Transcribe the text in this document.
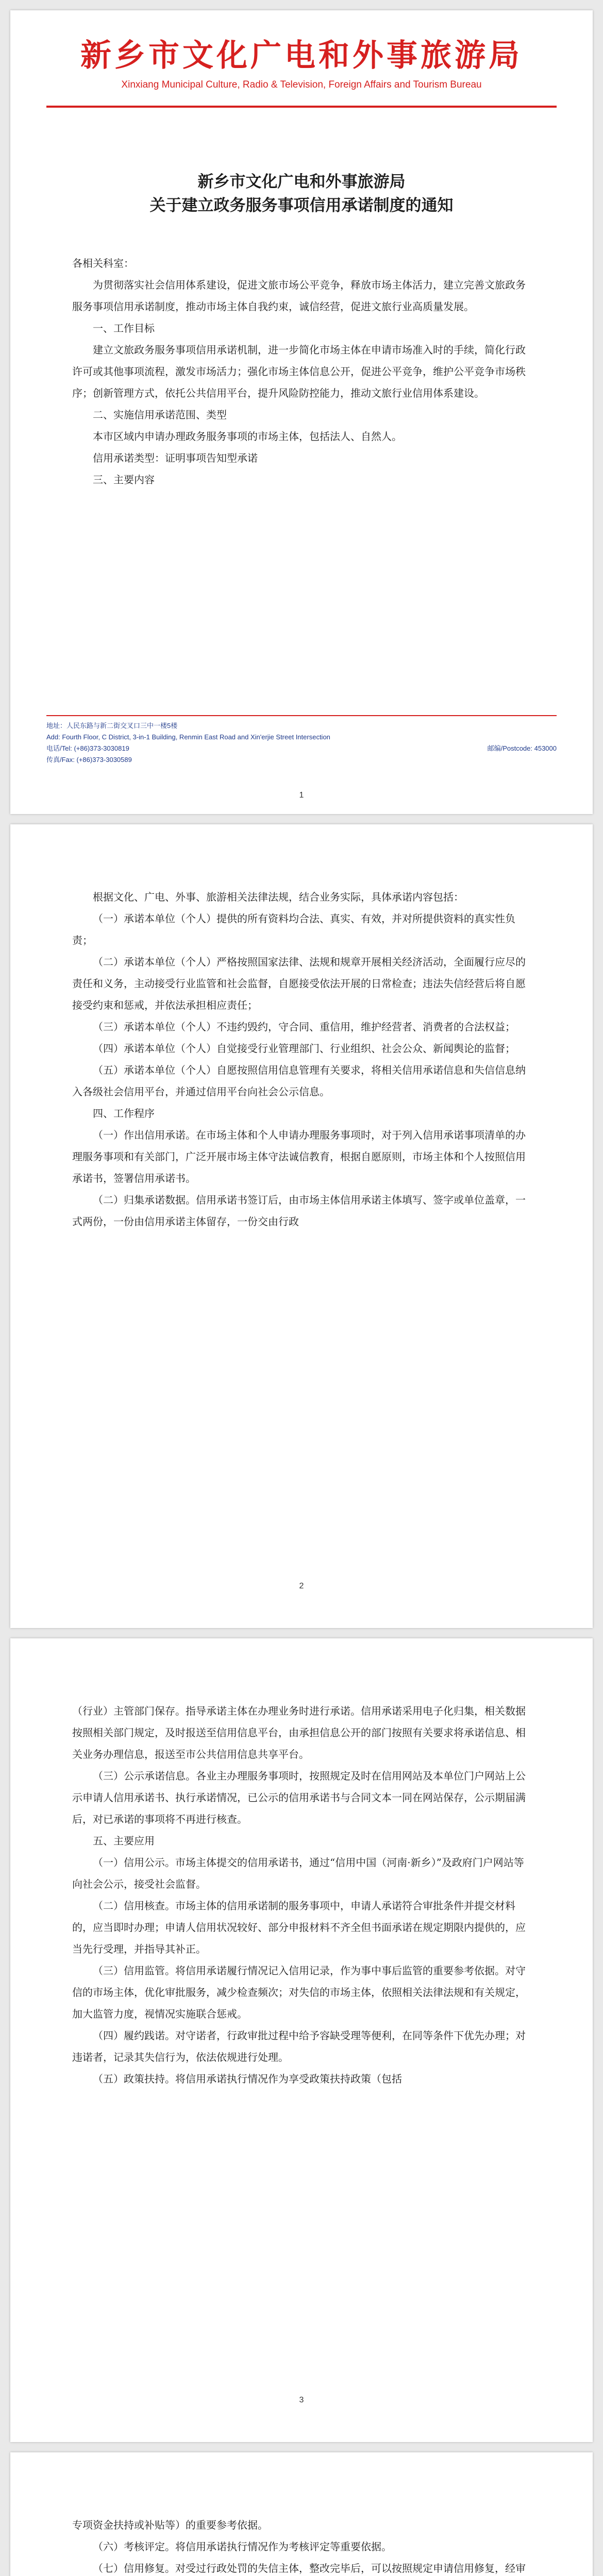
新乡市文化广电和外事旅游局
Xinxiang Municipal Culture, Radio & Television, Foreign Affairs and Tourism Bureau
新乡市文化广电和外事旅游局
关于建立政务服务事项信用承诺制度的通知

各相关科室：

为贯彻落实社会信用体系建设，促进文旅市场公平竞争，释放市场主体活力，建立完善文旅政务服务事项信用承诺制度，推动市场主体自我约束，诚信经营，促进文旅行业高质量发展。

一、工作目标

建立文旅政务服务事项信用承诺机制，进一步简化市场主体在申请市场准入时的手续，简化行政许可或其他事项流程，激发市场活力；强化市场主体信息公开，促进公平竞争，维护公平竞争市场秩序；创新管理方式，依托公共信用平台，提升风险防控能力，推动文旅行业信用体系建设。

二、实施信用承诺范围、类型

本市区域内申请办理政务服务事项的市场主体，包括法人、自然人。

信用承诺类型：证明事项告知型承诺

三、主要内容

地址：人民东路与新二街交叉口三中一楼5楼
Add: Fourth Floor, C District, 3-in-1 Building, Renmin East Road and Xin'erjie Street Intersection
电话/Tel: (+86)373-3030819	邮编/Postcode: 453000
传真/Fax: (+86)373-3030589
1

根据文化、广电、外事、旅游相关法律法规，结合业务实际，具体承诺内容包括：

（一）承诺本单位（个人）提供的所有资料均合法、真实、有效，并对所提供资料的真实性负责；

（二）承诺本单位（个人）严格按照国家法律、法规和规章开展相关经济活动，全面履行应尽的责任和义务，主动接受行业监管和社会监督，自愿接受依法开展的日常检查；违法失信经营后将自愿接受约束和惩戒，并依法承担相应责任；

（三）承诺本单位（个人）不违约毁约，守合同、重信用，维护经营者、消费者的合法权益；

（四）承诺本单位（个人）自觉接受行业管理部门、行业组织、社会公众、新闻舆论的监督；

（五）承诺本单位（个人）自愿按照信用信息管理有关要求，将相关信用承诺信息和失信信息纳入各级社会信用平台，并通过信用平台向社会公示信息。

四、工作程序

（一）作出信用承诺。在市场主体和个人申请办理服务事项时，对于列入信用承诺事项清单的办理服务事项和有关部门，广泛开展市场主体守法诚信教育，根据自愿原则，市场主体和个人按照信用承诺书，签署信用承诺书。

（二）归集承诺数据。信用承诺书签订后，由市场主体信用承诺主体填写、签字或单位盖章，一式两份，一份由信用承诺主体留存，一份交由行政

2

（行业）主管部门保存。指导承诺主体在办理业务时进行承诺。信用承诺采用电子化归集，相关数据按照相关部门规定，及时报送至信用信息平台，由承担信息公开的部门按照有关要求将承诺信息、相关业务办理信息，报送至市公共信用信息共享平台。

（三）公示承诺信息。各业主办理服务事项时，按照规定及时在信用网站及本单位门户网站上公示申请人信用承诺书、执行承诺情况，已公示的信用承诺书与合同文本一同在网站保存，公示期届满后，对已承诺的事项将不再进行核查。

五、主要应用

（一）信用公示。市场主体提交的信用承诺书，通过“信用中国（河南·新乡）”及政府门户网站等向社会公示，接受社会监督。

（二）信用核查。市场主体的信用承诺制的服务事项中，申请人承诺符合审批条件并提交材料的，应当即时办理；申请人信用状况较好、部分申报材料不齐全但书面承诺在规定期限内提供的，应当先行受理，并指导其补正。

（三）信用监管。将信用承诺履行情况记入信用记录，作为事中事后监管的重要参考依据。对守信的市场主体，优化审批服务，减少检查频次；对失信的市场主体，依照相关法律法规和有关规定，加大监管力度，视情况实施联合惩戒。

（四）履约践诺。对守诺者，行政审批过程中给予容缺受理等便利，在同等条件下优先办理；对违诺者，记录其失信行为，依法依规进行处理。

（五）政策扶持。将信用承诺执行情况作为享受政策扶持政策（包括

3

专项资金扶持或补贴等）的重要参考依据。

（六）考核评定。将信用承诺执行情况作为考核评定等重要依据。

（七）信用修复。对受过行政处罚的失信主体，整改完毕后，可以按照规定申请信用修复，经审
